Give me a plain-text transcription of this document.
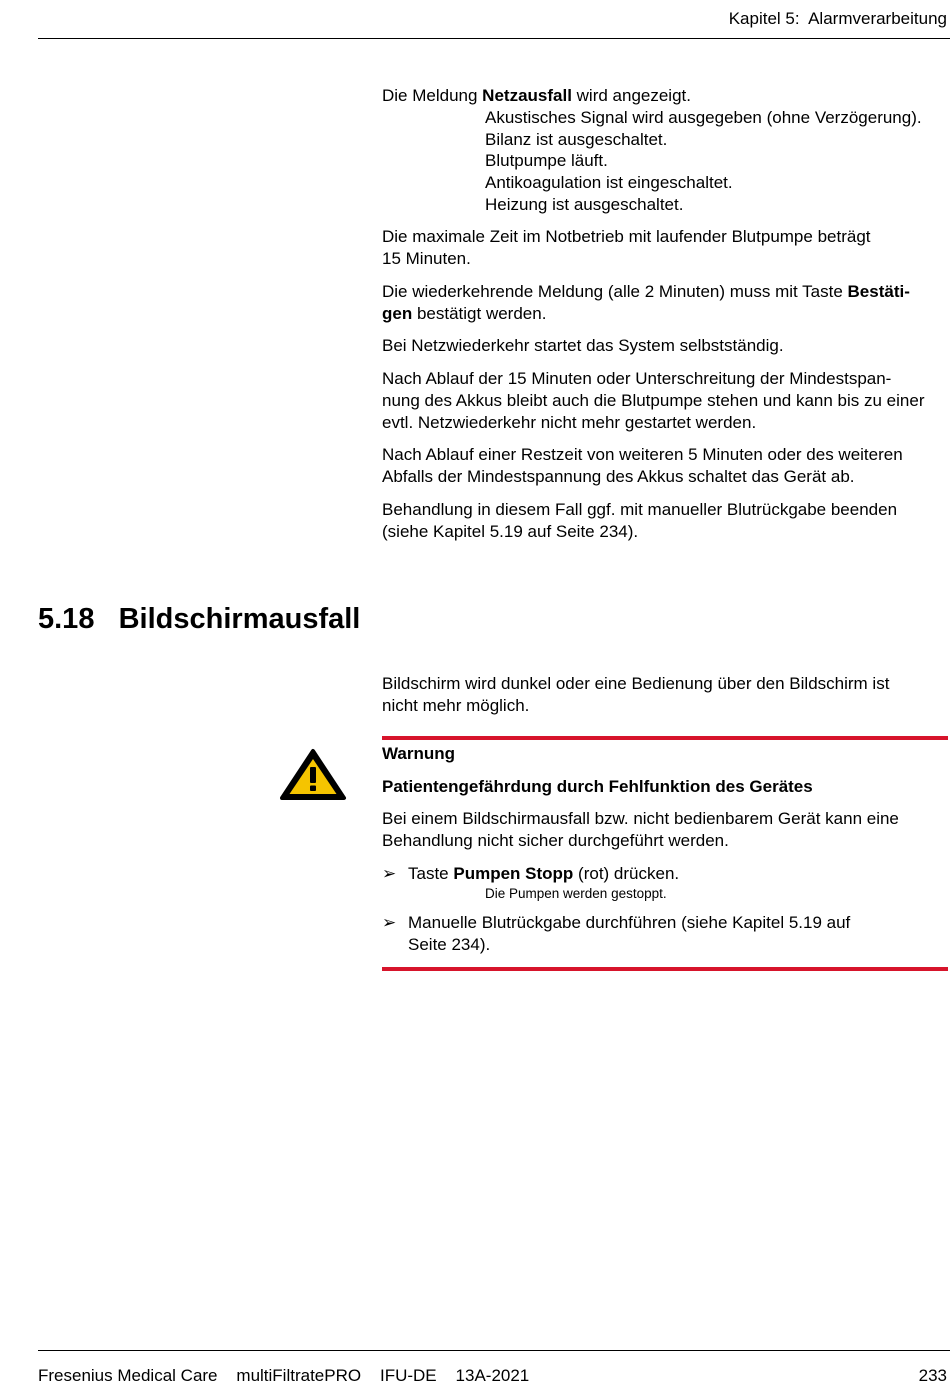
Kapitel 5:  Alarmverarbeitung
Die Meldung Netzausfall wird angezeigt.
Akustisches Signal wird ausgegeben (ohne Verzögerung).
Bilanz ist ausgeschaltet.
Blutpumpe läuft.
Antikoagulation ist eingeschaltet.
Heizung ist ausgeschaltet.

Die maximale Zeit im Notbetrieb mit laufender Blutpumpe beträgt
15 Minuten.

Die wiederkehrende Meldung (alle 2 Minuten) muss mit Taste Bestäti-
gen bestätigt werden.

Bei Netzwiederkehr startet das System selbstständig.

Nach Ablauf der 15 Minuten oder Unterschreitung der Mindestspan-
nung des Akkus bleibt auch die Blutpumpe stehen und kann bis zu einer
evtl. Netzwiederkehr nicht mehr gestartet werden.

Nach Ablauf einer Restzeit von weiteren 5 Minuten oder des weiteren
Abfalls der Mindestspannung des Akkus schaltet das Gerät ab.

Behandlung in diesem Fall ggf. mit manueller Blutrückgabe beenden
(siehe Kapitel 5.19 auf Seite 234).

5.18   Bildschirmausfall

Bildschirm wird dunkel oder eine Bedienung über den Bildschirm ist
nicht mehr möglich.

Warnung

Patientengefährdung durch Fehlfunktion des Gerätes

Bei einem Bildschirmausfall bzw. nicht bedienbarem Gerät kann eine
Behandlung nicht sicher durchgeführt werden.

➢ Taste Pumpen Stopp (rot) drücken.
Die Pumpen werden gestoppt.
➢ Manuelle Blutrückgabe durchführen (siehe Kapitel 5.19 auf
Seite 234).
Fresenius Medical Care    multiFiltratePRO    IFU-DE    13A-2021	233
